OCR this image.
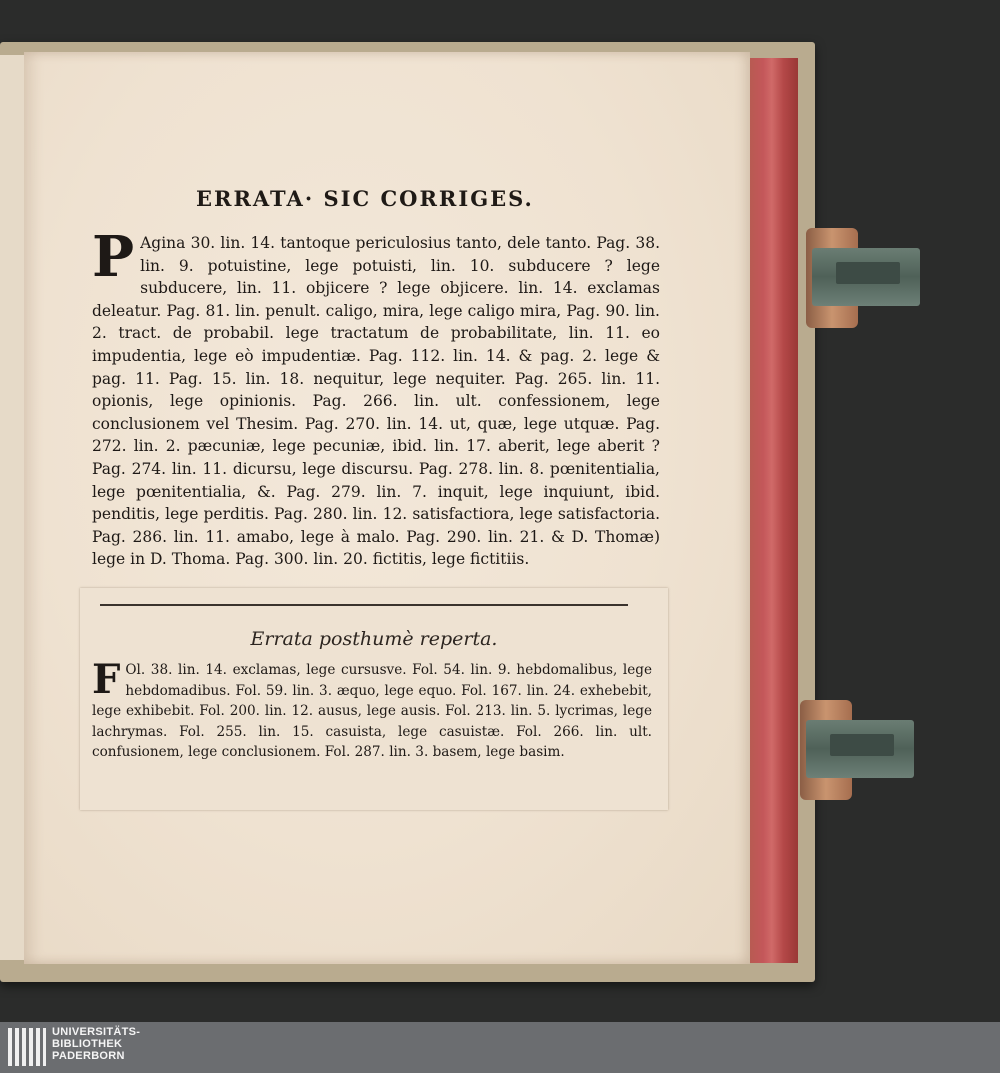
ERRATA· SIC CORRIGES.
P Agina 30. lin. 14. tantoque periculosius tanto, dele tanto. Pag. 38. lin. 9. potuistine, lege potuisti, lin. 10. subducere ? lege subducere, lin. 11. objicere ? lege objicere. lin. 14. exclamas deleatur. Pag. 81. lin. penult. caligo, mira, lege caligo mira, Pag. 90. lin. 2. tract. de probabil. lege tractatum de probabilitate, lin. 11. eo impudentia, lege eò impudentiæ. Pag. 112. lin. 14. & pag. 2. lege & pag. 11. Pag. 15. lin. 18. nequitur, lege nequiter. Pag. 265. lin. 11. opionis, lege opinionis. Pag. 266. lin. ult. confessionem, lege conclusionem vel Thesim. Pag. 270. lin. 14. ut, quæ, lege utquæ. Pag. 272. lin. 2. pæcuniæ, lege pecuniæ, ibid. lin. 17. aberit, lege aberit ? Pag. 274. lin. 11. dicursu, lege discursu. Pag. 278. lin. 8. pœnitentialia, lege pœnitentialia, &. Pag. 279. lin. 7. inquit, lege inquiunt, ibid. penditis, lege perditis. Pag. 280. lin. 12. satisfactiora, lege satisfactoria. Pag. 286. lin. 11. amabo, lege à malo. Pag. 290. lin. 21. & D. Thomæ) lege in D. Thoma. Pag. 300. lin. 20. fictitis, lege fictitiis.

Errata posthumè reperta.
F Ol. 38. lin. 14. exclamas, lege cursusve. Fol. 54. lin. 9. hebdomalibus, lege hebdomadibus. Fol. 59. lin. 3. æquo, lege equo. Fol. 167. lin. 24. exhebebit, lege exhibebit. Fol. 200. lin. 12. ausus, lege ausis. Fol. 213. lin. 5. lycrimas, lege lachrymas. Fol. 255. lin. 15. casuista, lege casuistæ. Fol. 266. lin. ult. confusionem, lege conclusionem. Fol. 287. lin. 3. basem, lege basim.

UNIVERSITÄTS-
BIBLIOTHEK
PADERBORN
